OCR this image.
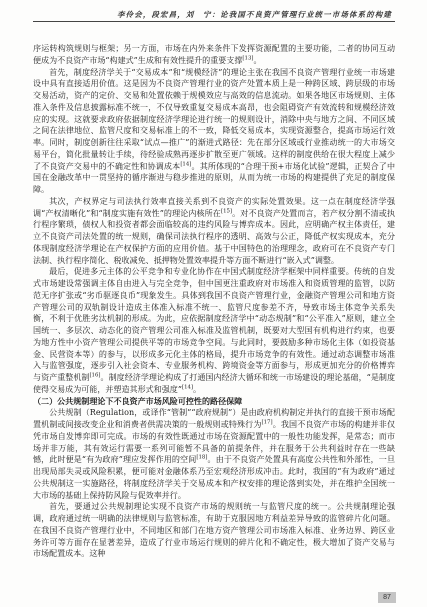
李伶会，段宏昌，刘　宁：论我国不良资产管理行业统一市场体系的构建

序运转构筑规则与框架；另一方面，市场在内外来条件下发挥资源配置的主要功能，二者的协同互动便成为不良资产市场“构建式”生成和有效性提升的重要支撑[13]。

首先，制度经济学关于“交易成本”和“规模经济”的理论主张在我国不良资产管理行业统一市场建设中具有直接适用价值。这是因为不良资产管理行业的资产处置本质上是一种跨区域、跨层级的市场交易活动，资产的定价、交易和处置依赖于规模效应与高效的信息流动。如果各地区市场规则、主体准入条件及信息披露标准不统一，不仅导致重复交易成本高昂，也会阻碍资产有效流转和规模经济效应的实现。这就要求政府依据制度经济学理论进行统一的规则设计，消除中央与地方之间、不同区域之间在法律地位、监管尺度和交易标准上的不一致，降低交易成本，实现资源整合，提高市场运行效率。同时，制度创新往往采取“试点—推广”的渐进式路径：先在部分区域或行业推动统一的大市场交易平台，简化批量转让手续，待经验成熟再逐步扩散至更广领域。这样的制度供给在很大程度上减少了不良资产交易中的不确定性和协调成本[14]。其所体现的“合理干预+市场化试验”逻辑，正契合了中国在金融改革中一贯坚持的循序渐进与稳步推进的原则，从而为统一市场的构建提供了充足的制度保障。

其次，产权界定与司法执行效率直接关系到不良资产的实际处置效果。这一点在制度经济学强调“产权清晰化”和“制度实施有效性”的理论内核所在[15]。对不良资产处置而言，若产权分割不清或执行程序繁琐，债权人和投资者都会面临较高的违约风险与博弈成本。因此，应明确产权主体责任，建立不良资产司法处置的统一规则，确保司法执行程序的透明、高效与公正，降低产权实现成本，充分体现制度经济学理论在产权保护方面的应用价值。基于中国特色的治理理念，政府可在不良资产专门法制、执行程序简化、税收减免、抵押物处置效率提升等方面不断进行“嵌入式”调整。

最后，促进多元主体的公平竞争和专业化协作在中国式制度经济学框架中同样重要。传统的自发式市场建设常强调主体自由进入与完全竞争，但中国更注重政府对市场准入和资质管理的监管，以防范无序扩张或“劣币驱逐良币”现象发生。具体到我国不良资产管理行业，金融资产管理公司和地方资产管理公司的双轨制设计造成主体准入标准不统一、监管尺度参差不齐，导致市场主体竞争关系失衡，不利于优胜劣汰机制的形成。为此，应依据制度经济学中“动态规制”和“公平准入”原则，建立全国统一、多层次、动态化的资产管理公司准入标准及监管机制，既要对大型国有机构进行约束，也要为地方性中小资产管理公司提供平等的市场竞争空间。与此同时，要鼓励多种市场化主体（如投资基金、民营资本等）的参与，以形成多元化主体的格局，提升市场竞争的有效性。通过动态调整市场准入与监管强度，逐步引入社会资本、专业服务机构、跨境资金等方面参与，形成更加充分的价格博弈与资产重整机制[16]。制度经济学理论构成了打通国内经济大循环和统一市场建设的理论基础，“是制度使得交易成为可能，并塑造其形式和强度”[14]。

（二）公共规制理论下不良资产市场风险可控性的路径保障

公共规制（Regulation，或译作“管制”“政府规制”）是由政府机构制定并执行的直接干预市场配置机制或间接改变企业和消费者供需决策的一般规则或特殊行为[17]。我国不良资产市场的构建并非仅凭市场自发博弈即可完成。市场的有效性既通过市场在资源配置中的一般性功能发挥，是常态；而市场并非万能，其有效运行需要一系列可能暂不具备的前提条件，并在服务于公共利益时存在一些缺憾，此时便是“有为政府”理应发挥作用的空间[18]。由于不良资产处置具有高度公共性和外部性，一旦出现局部失灵或风险积累，便可能对金融体系乃至宏观经济形成冲击。此时，我国的“有为政府”通过公共规制这一实施路径，将制度经济学关于交易成本和产权安排的理论落到实处，并在维护全国统一大市场的基础上保持防风险与促效率并行。

首先，要通过公共规制理论实现不良资产市场的规则统一与监管尺度的统一。公共规制理论强调，政府通过统一明确的法律规则与监管标准，有助于克服因地方利益差异导致的监管碎片化问题。在我国不良资产管理行业中，不同地区和部门在地方资产管理公司市场准入标准、业务边界、跨区业务许可等方面存在显著差异，造成了行业市场运行规则的碎片化和不确定性，极大增加了资产交易与市场配置成本。这种

87
